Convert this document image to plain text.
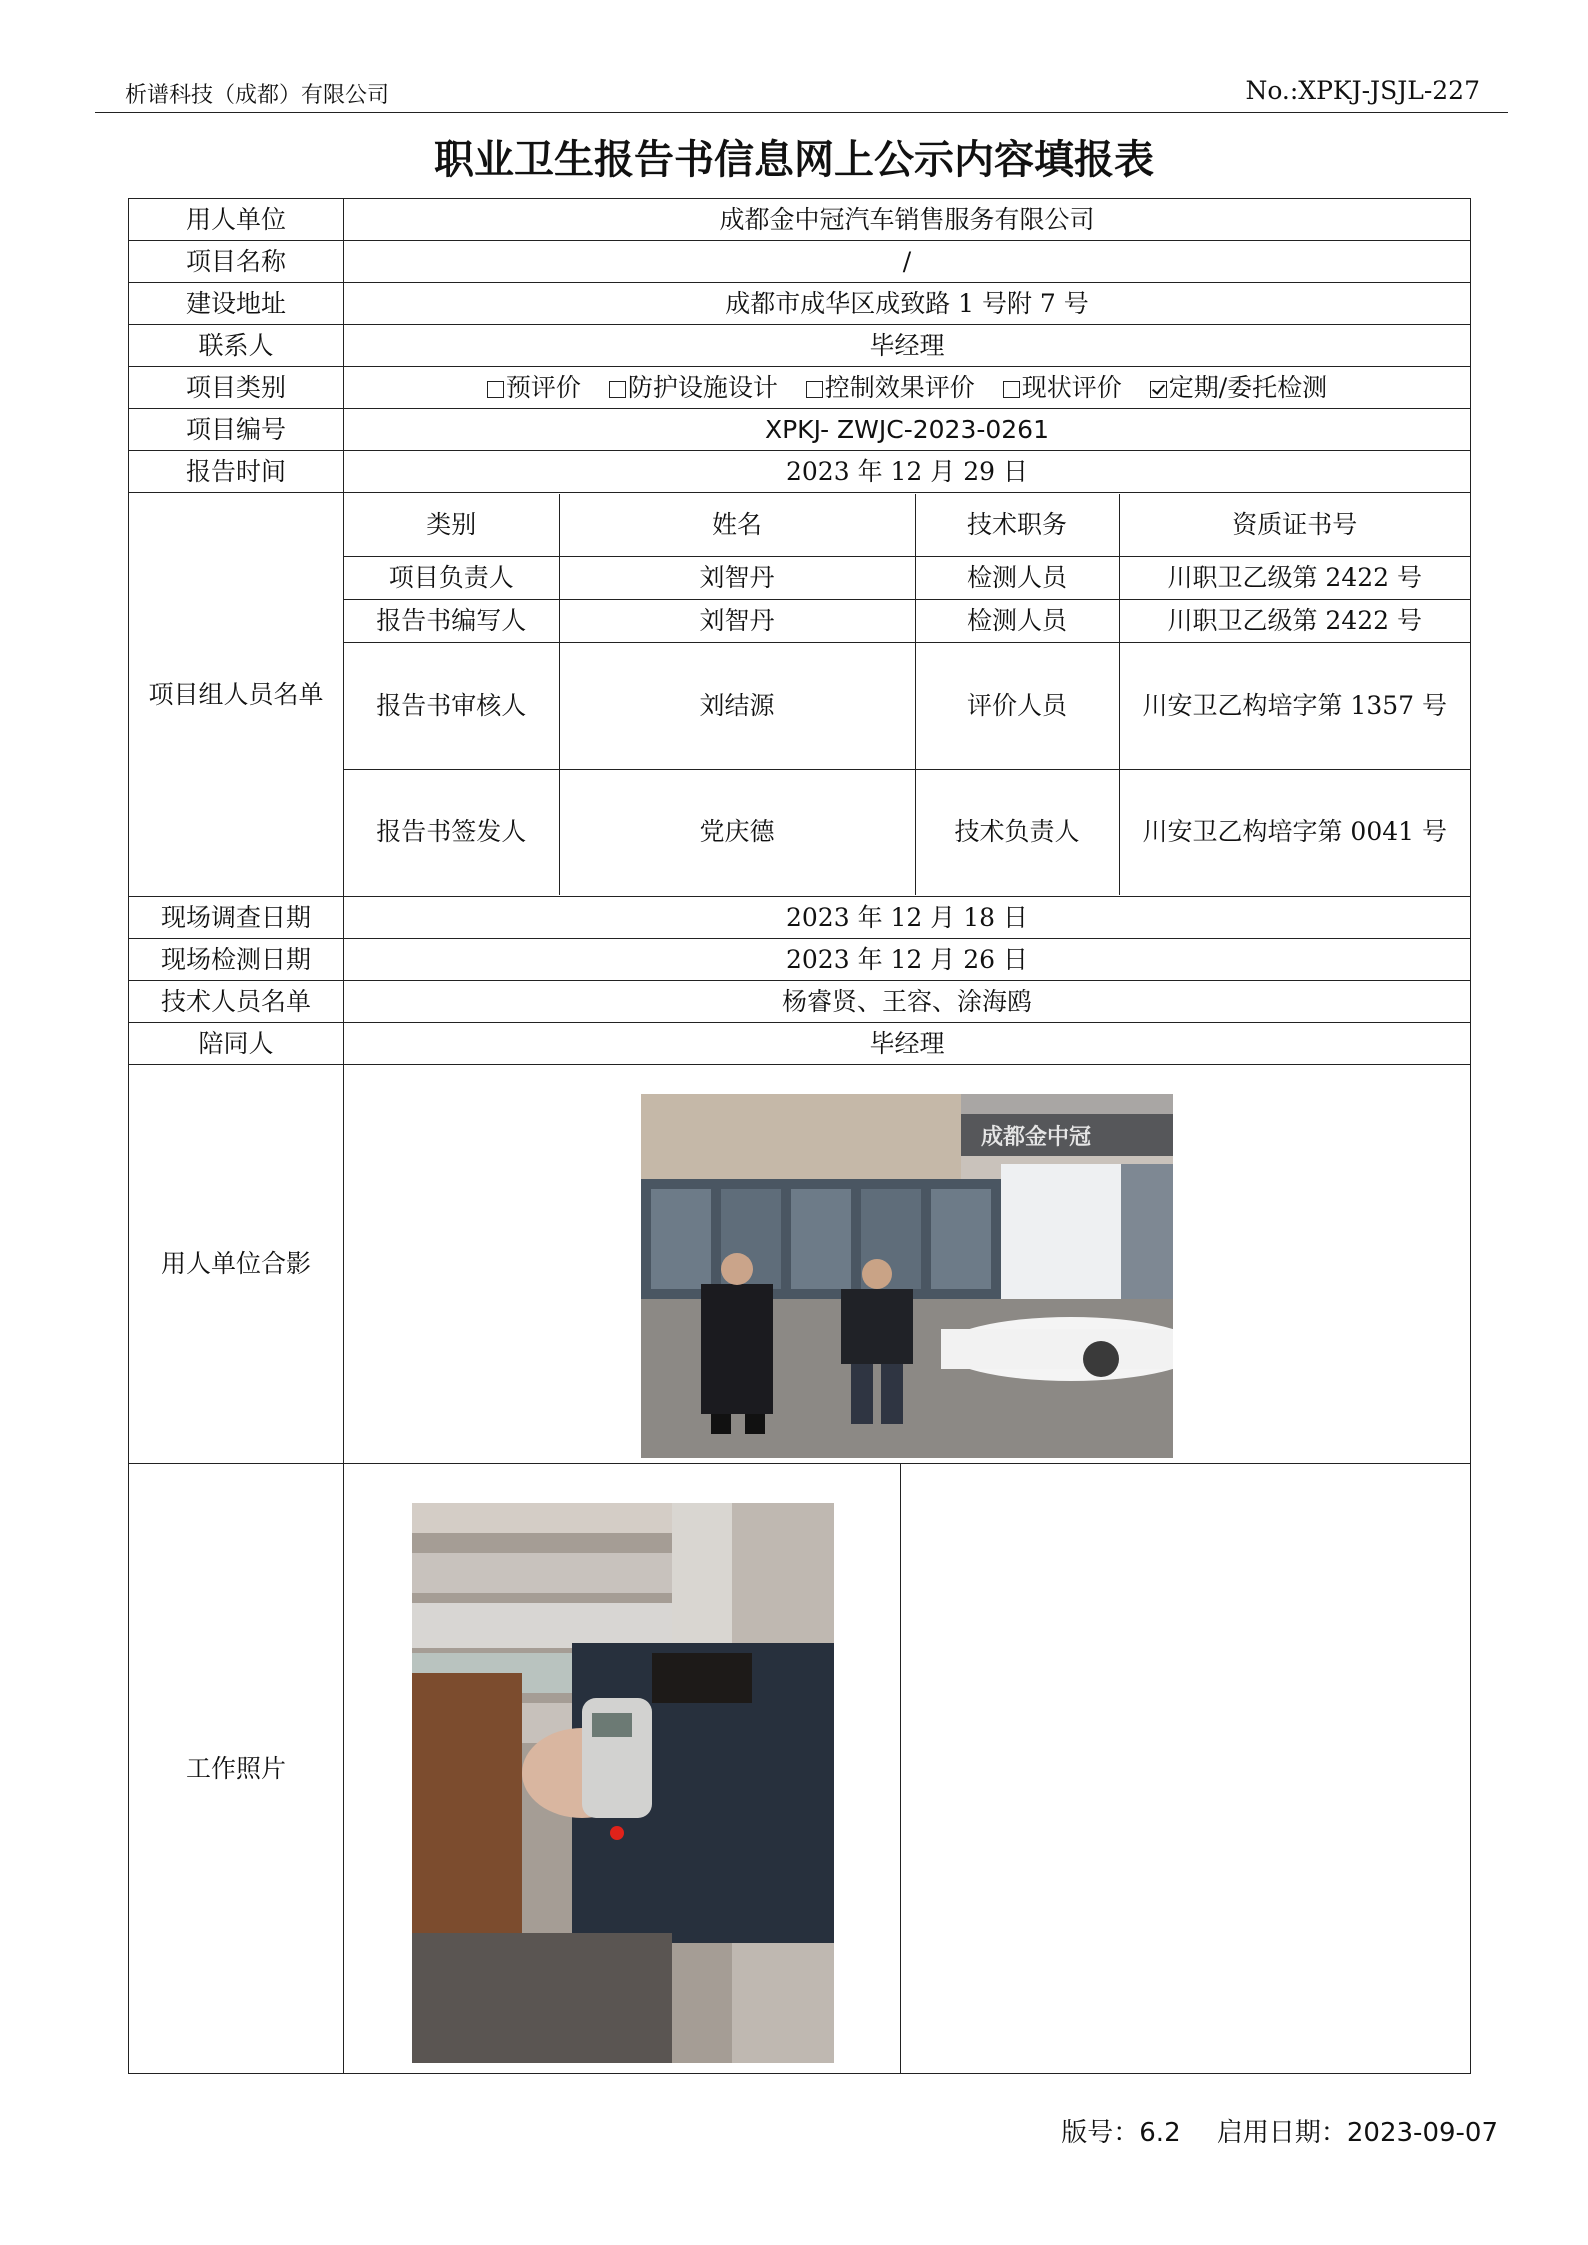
析谱科技（成都）有限公司	No.:XPKJ-JSJL-227
职业卫生报告书信息网上公示内容填报表
用人单位	成都金中冠汽车销售服务有限公司
项目名称	/
建设地址	成都市成华区成致路 1 号附 7 号
联系人	毕经理
项目类别	预评价 防护设施设计 控制效果评价 现状评价 定期/委托检测
项目编号	XPKJ- ZWJC-2023-0261
报告时间	2023 年 12 月 29 日
项目组人员名单	
类别	姓名	技术职务	资质证书号
项目负责人	刘智丹	检测人员	川职卫乙级第 2422 号
报告书编写人	刘智丹	检测人员	川职卫乙级第 2422 号
报告书审核人	刘结源	评价人员	川安卫乙构培字第 1357 号
报告书签发人	党庆德	技术负责人	川安卫乙构培字第 0041 号

现场调查日期	2023 年 12 月 18 日
现场检测日期	2023 年 12 月 26 日
技术人员名单	杨睿贤、王容、涂海鸥
陪同人	毕经理
用人单位合影	
工作照片	
成都金中冠
版号：6.2 启用日期：2023-09-07
